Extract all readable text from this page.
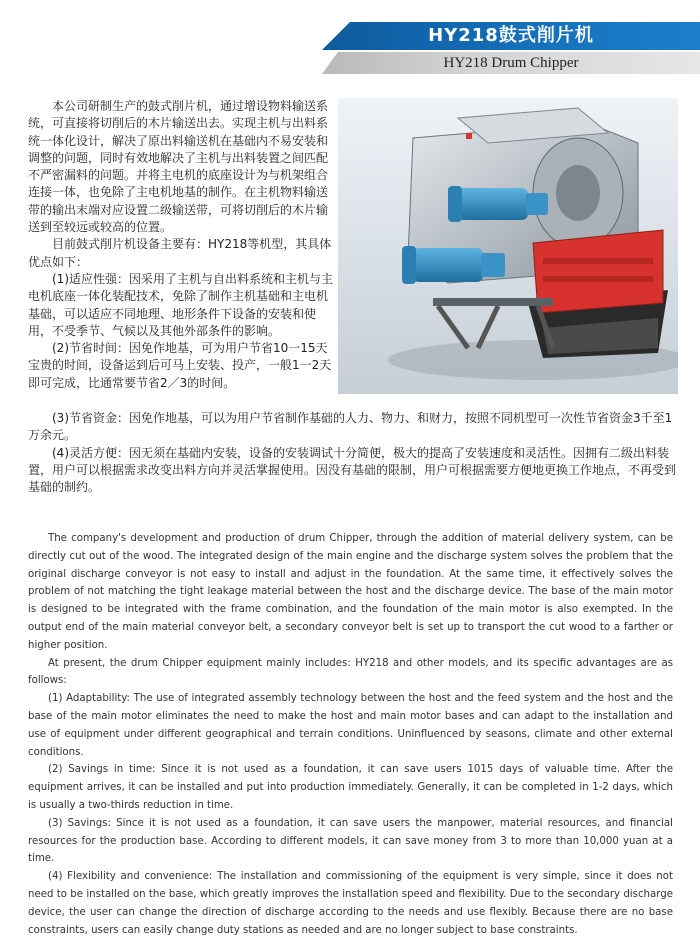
HY218鼓式削片机
HY218 Drum Chipper

本公司研制生产的鼓式削片机，通过增设物料输送系统，可直接将切削后的木片输送出去。实现主机与出料系统一体化设计，解决了原出料输送机在基础内不易安装和调整的问题，同时有效地解决了主机与出料装置之间匹配不严密漏料的问题。并将主电机的底座设计为与机架组合连接一体，也免除了主电机地基的制作。在主机物料输送带的输出末端对应设置二级输送带，可将切削后的木片输送到至较远或较高的位置。

目前鼓式削片机设备主要有：HY218等机型，其具体优点如下：

(1)适应性强：因采用了主机与自出料系统和主机与主电机底座一体化装配技术，免除了制作主机基础和主电机基础，可以适应不同地理、地形条件下设备的安装和使用，不受季节、气候以及其他外部条件的影响。

(2)节省时间：因免作地基，可为用户节省10一15天宝贵的时间，设备运到后可马上安装、投产，一般1一2天即可完成，比通常要节省2／3的时间。

(3)节省资金：因免作地基，可以为用户节省制作基础的人力、物力、和财力，按照不同机型可一次性节省资金3千至1万余元。

(4)灵活方便：因无须在基础内安装，设备的安装调试十分简便，极大的提高了安装速度和灵活性。因拥有二级出料装置，用户可以根据需求改变出料方向并灵活掌握使用。因没有基础的限制，用户可根据需要方便地更换工作地点，不再受到基础的制约。

The company's development and production of drum Chipper, through the addition of material delivery system, can be directly cut out of the wood. The integrated design of the main engine and the discharge system solves the problem that the original discharge conveyor is not easy to install and adjust in the foundation. At the same time, it effectively solves the problem of not matching the tight leakage material between the host and the discharge device. The base of the main motor is designed to be integrated with the frame combination, and the foundation of the main motor is also exempted. In the output end of the main material conveyor belt, a secondary conveyor belt is set up to transport the cut wood to a farther or higher position.

At present, the drum Chipper equipment mainly includes: HY218 and other models, and its specific advantages are as follows:

(1) Adaptability: The use of integrated assembly technology between the host and the feed system and the host and the base of the main motor eliminates the need to make the host and main motor bases and can adapt to the installation and use of equipment under different geographical and terrain conditions. Uninfluenced by seasons, climate and other external conditions.

(2) Savings in time: Since it is not used as a foundation, it can save users 1015 days of valuable time. After the equipment arrives, it can be installed and put into production immediately. Generally, it can be completed in 1-2 days, which is usually a two-thirds reduction in time.

(3) Savings: Since it is not used as a foundation, it can save users the manpower, material resources, and financial resources for the production base. According to different models, it can save money from 3 to more than 10,000 yuan at a time.

(4) Flexibility and convenience: The installation and commissioning of the equipment is very simple, since it does not need to be installed on the base, which greatly improves the installation speed and flexibility. Due to the secondary discharge device, the user can change the direction of discharge according to the needs and use flexibly. Because there are no base constraints, users can easily change duty stations as needed and are no longer subject to base constraints.
